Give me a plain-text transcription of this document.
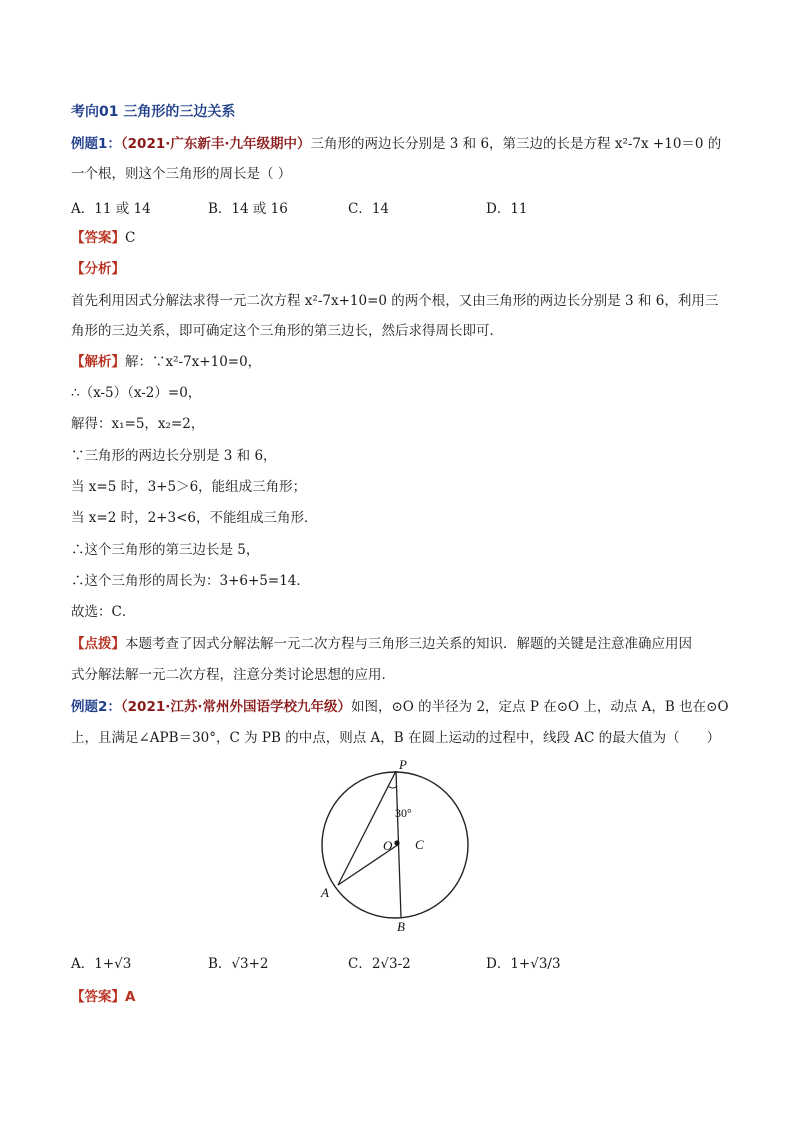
考向01 三角形的三边关系
例题1：（2021·广东新丰·九年级期中）三角形的两边长分别是 3 和 6，第三边的长是方程 x²-7x +10＝0 的
一个根，则这个三角形的周长是（ ）
A．11 或 14	B．14 或 16	C．14	D．11
【答案】C
【分析】
首先利用因式分解法求得一元二次方程 x²-7x+10=0 的两个根，又由三角形的两边长分别是 3 和 6，利用三
角形的三边关系，即可确定这个三角形的第三边长，然后求得周长即可．
【解析】解：∵x²-7x+10=0，
∴（x-5）（x-2）=0，
解得：x₁=5，x₂=2，
∵三角形的两边长分别是 3 和 6，
当 x=5 时，3+5＞6，能组成三角形；
当 x=2 时，2+3<6，不能组成三角形．
∴这个三角形的第三边长是 5，
∴这个三角形的周长为：3+6+5=14．
故选：C．
【点拨】本题考查了因式分解法解一元二次方程与三角形三边关系的知识．解题的关键是注意准确应用因
式分解法解一元二次方程，注意分类讨论思想的应用．
例题2：（2021·江苏·常州外国语学校九年级）如图，⊙O 的半径为 2，定点 P 在⊙O 上，动点 A，B 也在⊙O
上，且满足∠APB＝30°，C 为 PB 的中点，则点 A，B 在圆上运动的过程中，线段 AC 的最大值为（　　）
P
O C
A
B
30°
A．1+√3	B．√3+2	C．2√3-2	D．1+√3/3
【答案】A
